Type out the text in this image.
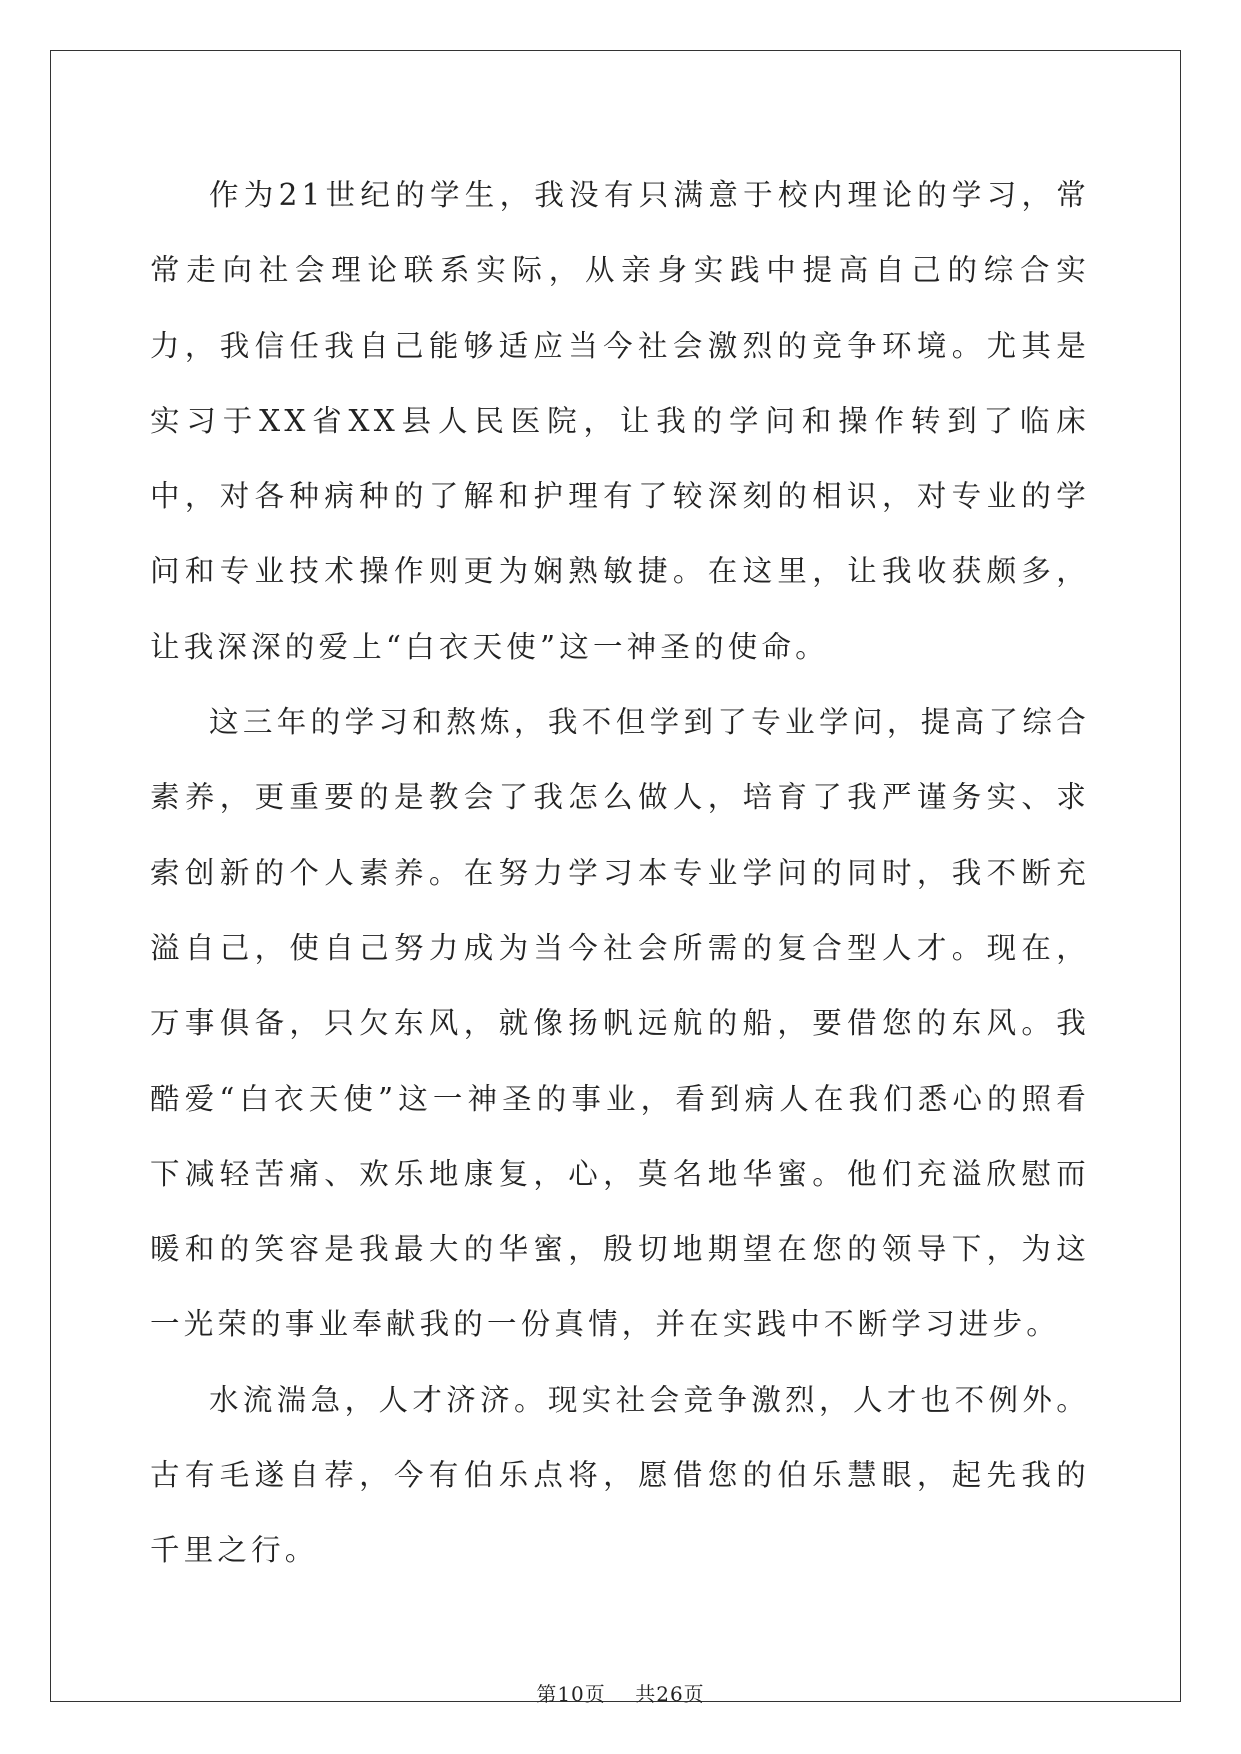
作为21世纪的学生，我没有只满意于校内理论的学习，常常走向社会理论联系实际，从亲身实践中提高自己的综合实力，我信任我自己能够适应当今社会激烈的竞争环境。尤其是实习于XX省XX县人民医院，让我的学问和操作转到了临床中，对各种病种的了解和护理有了较深刻的相识，对专业的学问和专业技术操作则更为娴熟敏捷。在这里，让我收获颇多，让我深深的爱上“白衣天使”这一神圣的使命。

这三年的学习和熬炼，我不但学到了专业学问，提高了综合素养，更重要的是教会了我怎么做人，培育了我严谨务实、求索创新的个人素养。在努力学习本专业学问的同时，我不断充溢自己，使自己努力成为当今社会所需的复合型人才。现在，万事俱备，只欠东风，就像扬帆远航的船，要借您的东风。我酷爱“白衣天使”这一神圣的事业，看到病人在我们悉心的照看下减轻苦痛、欢乐地康复，心，莫名地华蜜。他们充溢欣慰而暖和的笑容是我最大的华蜜，殷切地期望在您的领导下，为这一光荣的事业奉献我的一份真情，并在实践中不断学习进步。

水流湍急，人才济济。现实社会竞争激烈，人才也不例外。古有毛遂自荐，今有伯乐点将，愿借您的伯乐慧眼，起先我的千里之行。

第10页 共26页
